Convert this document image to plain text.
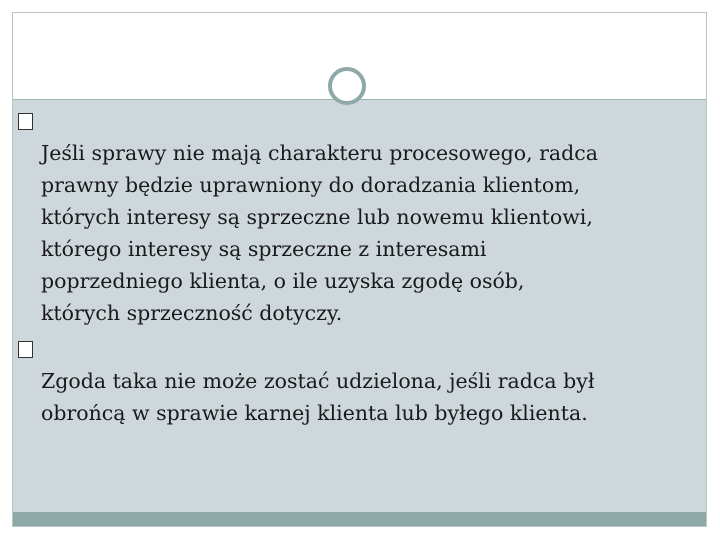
Jeśli sprawy nie mają charakteru procesowego, radca
prawny będzie uprawniony do doradzania klientom,
których interesy są sprzeczne lub nowemu klientowi,
którego interesy są sprzeczne z interesami
poprzedniego klienta, o ile uzyska zgodę osób,
których sprzeczność dotyczy.

Zgoda taka nie może zostać udzielona, jeśli radca był
obrońcą w sprawie karnej klienta lub byłego klienta.
